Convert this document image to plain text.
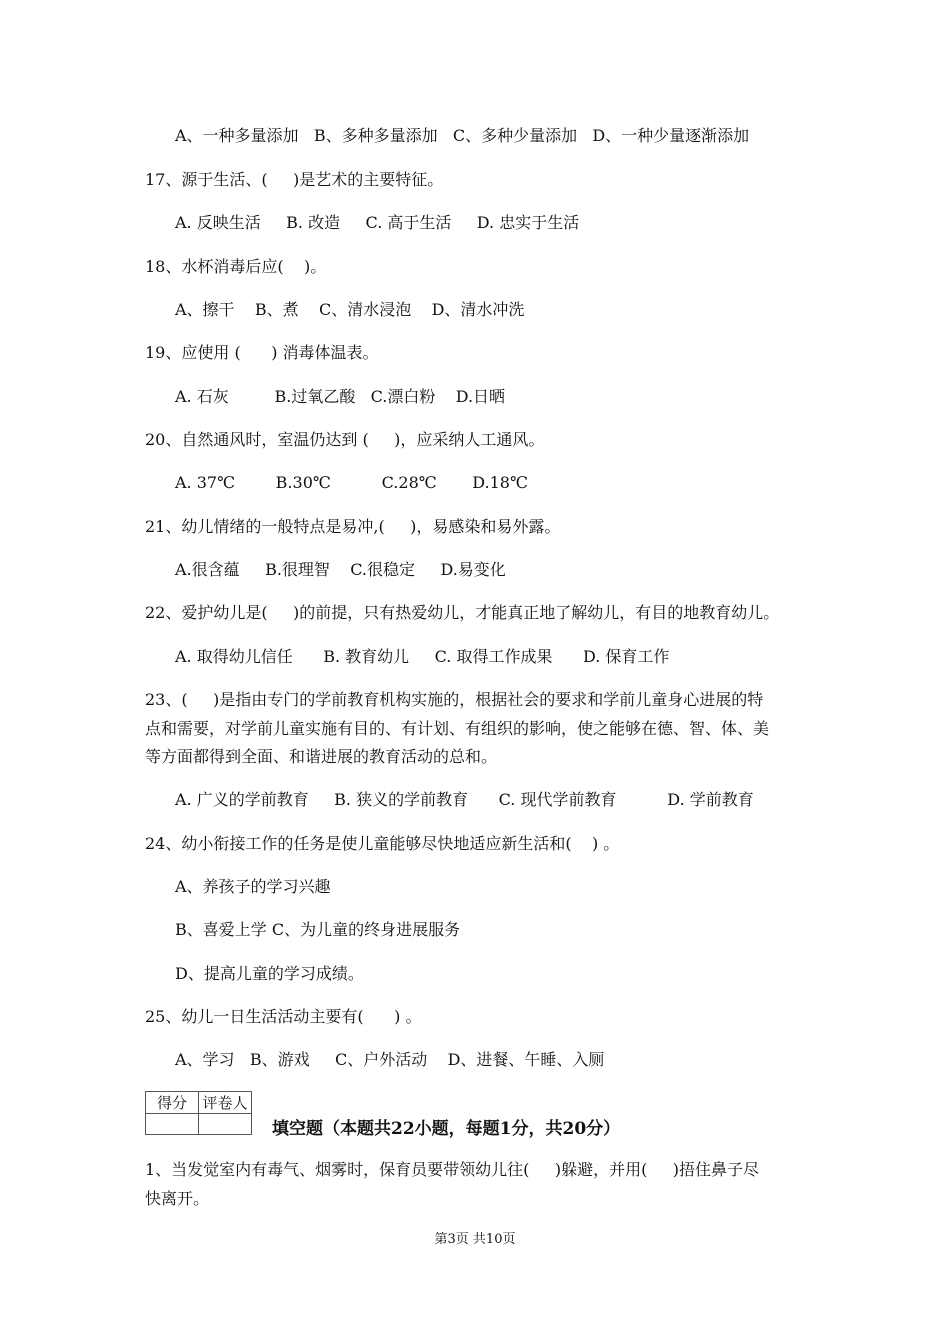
A、一种多量添加   B、多种多量添加   C、多种少量添加   D、一种少量逐渐添加
17、源于生活、(     )是艺术的主要特征。
A. 反映生活     B. 改造     C. 高于生活     D. 忠实于生活
18、水杯消毒后应(    )。
A、擦干    B、煮    C、清水浸泡    D、清水冲洗
19、应使用 (      ) 消毒体温表。
A. 石灰         B.过氧乙酸   C.漂白粉    D.日晒
20、自然通风时，室温仍达到 (     )，应采纳人工通风。
A. 37℃        B.30℃          C.28℃       D.18℃
21、幼儿情绪的一般特点是易冲,(     )，易感染和易外露。
A.很含蕴     B.很理智    C.很稳定     D.易变化
22、爱护幼儿是(     )的前提，只有热爱幼儿，才能真正地了解幼儿，有目的地教育幼儿。
A. 取得幼儿信任      B. 教育幼儿     C. 取得工作成果      D. 保育工作
23、(     )是指由专门的学前教育机构实施的，根据社会的要求和学前儿童身心进展的特
点和需要，对学前儿童实施有目的、有计划、有组织的影响，使之能够在德、智、体、美
等方面都得到全面、和谐进展的教育活动的总和。
A. 广义的学前教育     B. 狭义的学前教育      C. 现代学前教育          D. 学前教育
24、幼小衔接工作的任务是使儿童能够尽快地适应新生活和(    ) 。
A、养孩子的学习兴趣
B、喜爱上学 C、为儿童的终身进展服务
D、提高儿童的学习成绩。
25、幼儿一日生活活动主要有(      ) 。
A、学习   B、游戏     C、户外活动    D、进餐、午睡、入厕
得分	评卷人

填空题（本题共22小题，每题1分，共20分）
1、当发觉室内有毒气、烟雾时，保育员要带领幼儿往(     )躲避，并用(     )捂住鼻子尽
快离开。
第3页 共10页
